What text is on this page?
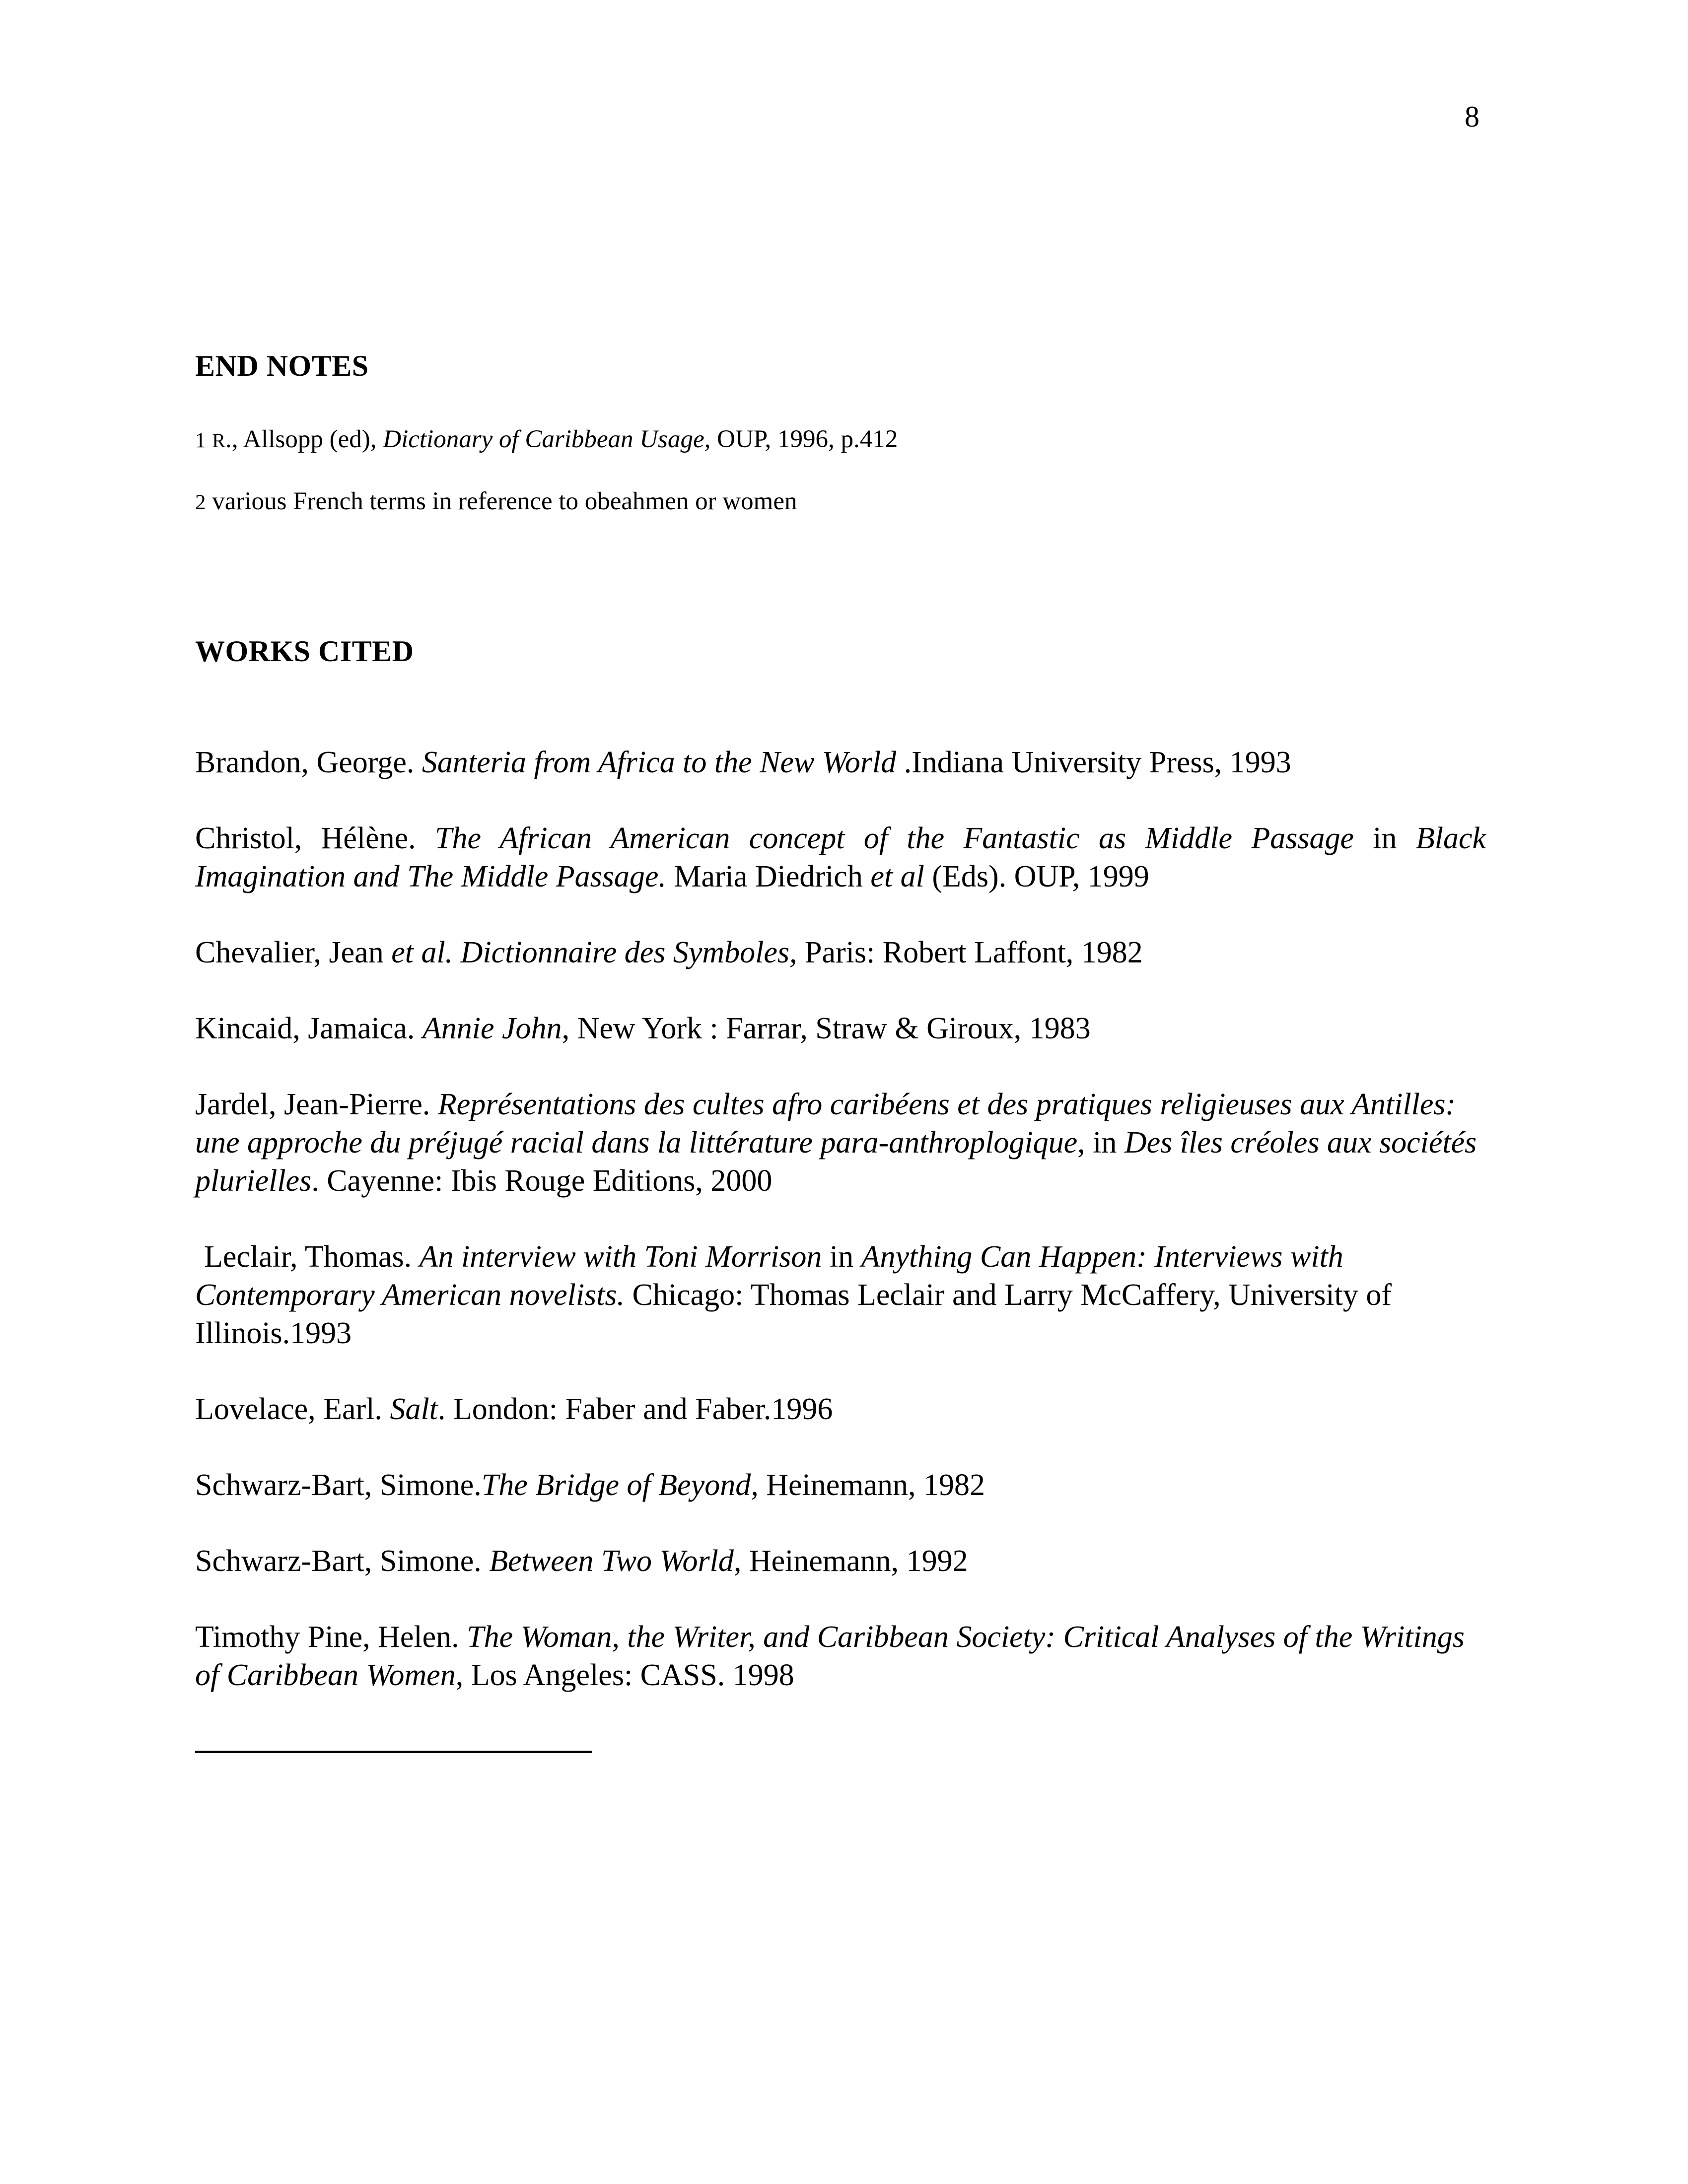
8
END NOTES
1 R., Allsopp (ed), Dictionary of Caribbean Usage, OUP, 1996, p.412
2 various French terms in reference to obeahmen or women
WORKS CITED

Brandon, George. Santeria from Africa to the New World .Indiana University Press, 1993

Christol, Hélène. The African American concept of the Fantastic as Middle Passage in Black Imagination and The Middle Passage. Maria Diedrich et al (Eds). OUP, 1999

Chevalier, Jean et al. Dictionnaire des Symboles, Paris: Robert Laffont, 1982

Kincaid, Jamaica. Annie John, New York : Farrar, Straw & Giroux, 1983

Jardel, Jean-Pierre. Représentations des cultes afro caribéens et des pratiques religieuses aux Antilles: une approche du préjugé racial dans la littérature para-anthroplogique, in Des îles créoles aux sociétés plurielles. Cayenne: Ibis Rouge Editions, 2000

Leclair, Thomas. An interview with Toni Morrison in Anything Can Happen: Interviews with Contemporary American novelists. Chicago: Thomas Leclair and Larry McCaffery, University of Illinois.1993

Lovelace, Earl. Salt. London: Faber and Faber.1996

Schwarz-Bart, Simone.The Bridge of Beyond, Heinemann, 1982

Schwarz-Bart, Simone. Between Two World, Heinemann, 1992

Timothy Pine, Helen. The Woman, the Writer, and Caribbean Society: Critical Analyses of the Writings of Caribbean Women, Los Angeles: CASS. 1998
